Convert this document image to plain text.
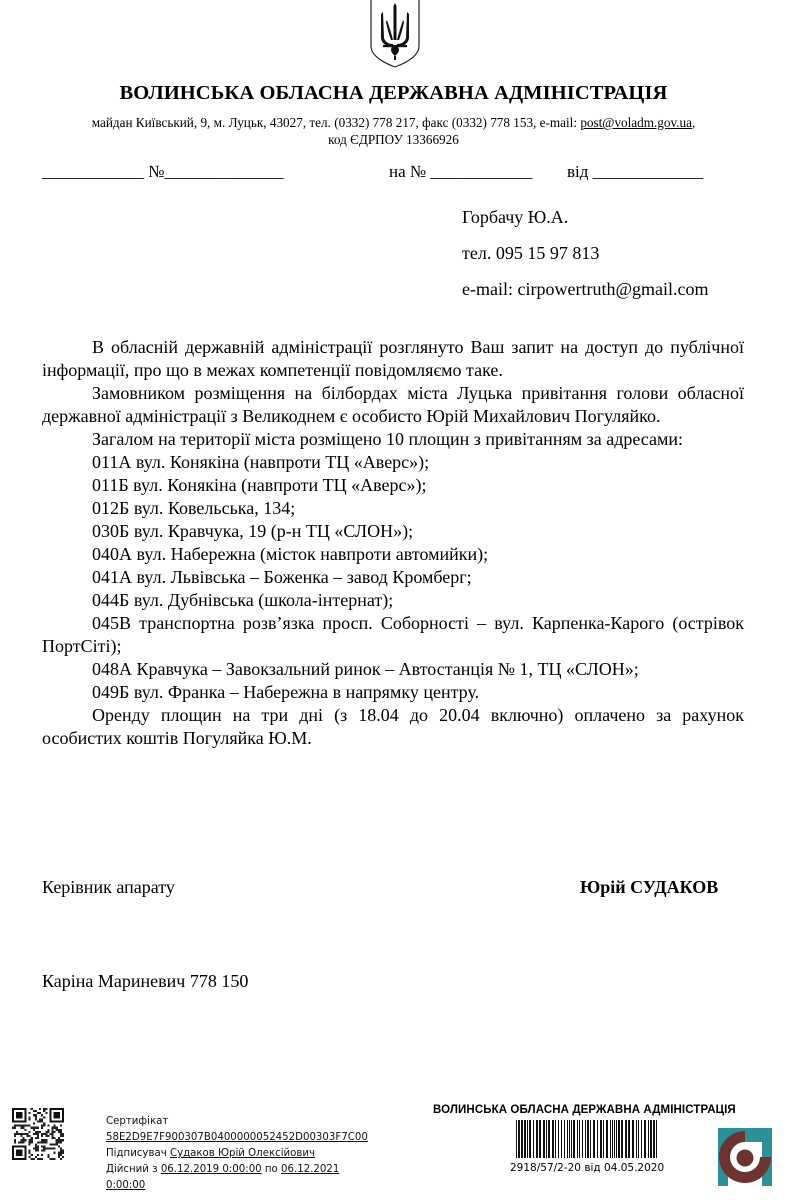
ВОЛИНСЬКА ОБЛАСНА ДЕРЖАВНА АДМІНІСТРАЦІЯ
майдан Київський, 9, м. Луцьк, 43027, тел. (0332) 778 217, факс (0332) 778 153, e-mail: post@voladm.gov.ua,
код ЄДРПОУ 13366926
____________ №______________	на № ____________ від _____________
Горбачу Ю.А.
тел. 095 15 97 813
e-mail: cirpowertruth@gmail.com

В обласній державній адміністрації розглянуто Ваш запит на доступ до публічної інформації, про що в межах компетенції повідомляємо таке.

Замовником розміщення на білбордах міста Луцька привітання голови обласної державної адміністрації з Великоднем є особисто Юрій Михайлович Погуляйко.

Загалом на території міста розміщено 10 площин з привітанням за адресами:

011А вул. Конякіна (навпроти ТЦ «Аверс»);

011Б вул. Конякіна (навпроти ТЦ «Аверс»);

012Б вул. Ковельська, 134;

030Б вул. Кравчука, 19 (р-н ТЦ «СЛОН»);

040А вул. Набережна (місток навпроти автомийки);

041А вул. Львівська – Боженка – завод Кромберг;

044Б вул. Дубнівська (школа-інтернат);

045В транспортна розв’язка просп. Соборності – вул. Карпенка-Карого (острівок ПортCіті);

048А Кравчука – Завокзальний ринок – Автостанція № 1, ТЦ «СЛОН»;

049Б вул. Франка – Набережна в напрямку центру.

Оренду площин на три дні (з 18.04 до 20.04 включно) оплачено за рахунок особистих коштів Погуляйка Ю.М.

Керівник апарату	Юрій СУДАКОВ
Каріна Мариневич 778 150
Сертифікат
58E2D9E7F900307B0400000052452D00303F7C00
Підписувач Судаков Юрій Олексійович
Дійсний з 06.12.2019 0:00:00 по 06.12.2021
0:00:00
ВОЛИНСЬКА ОБЛАСНА ДЕРЖАВНА АДМІНІСТРАЦІЯ
2918/57/2-20 від 04.05.2020
